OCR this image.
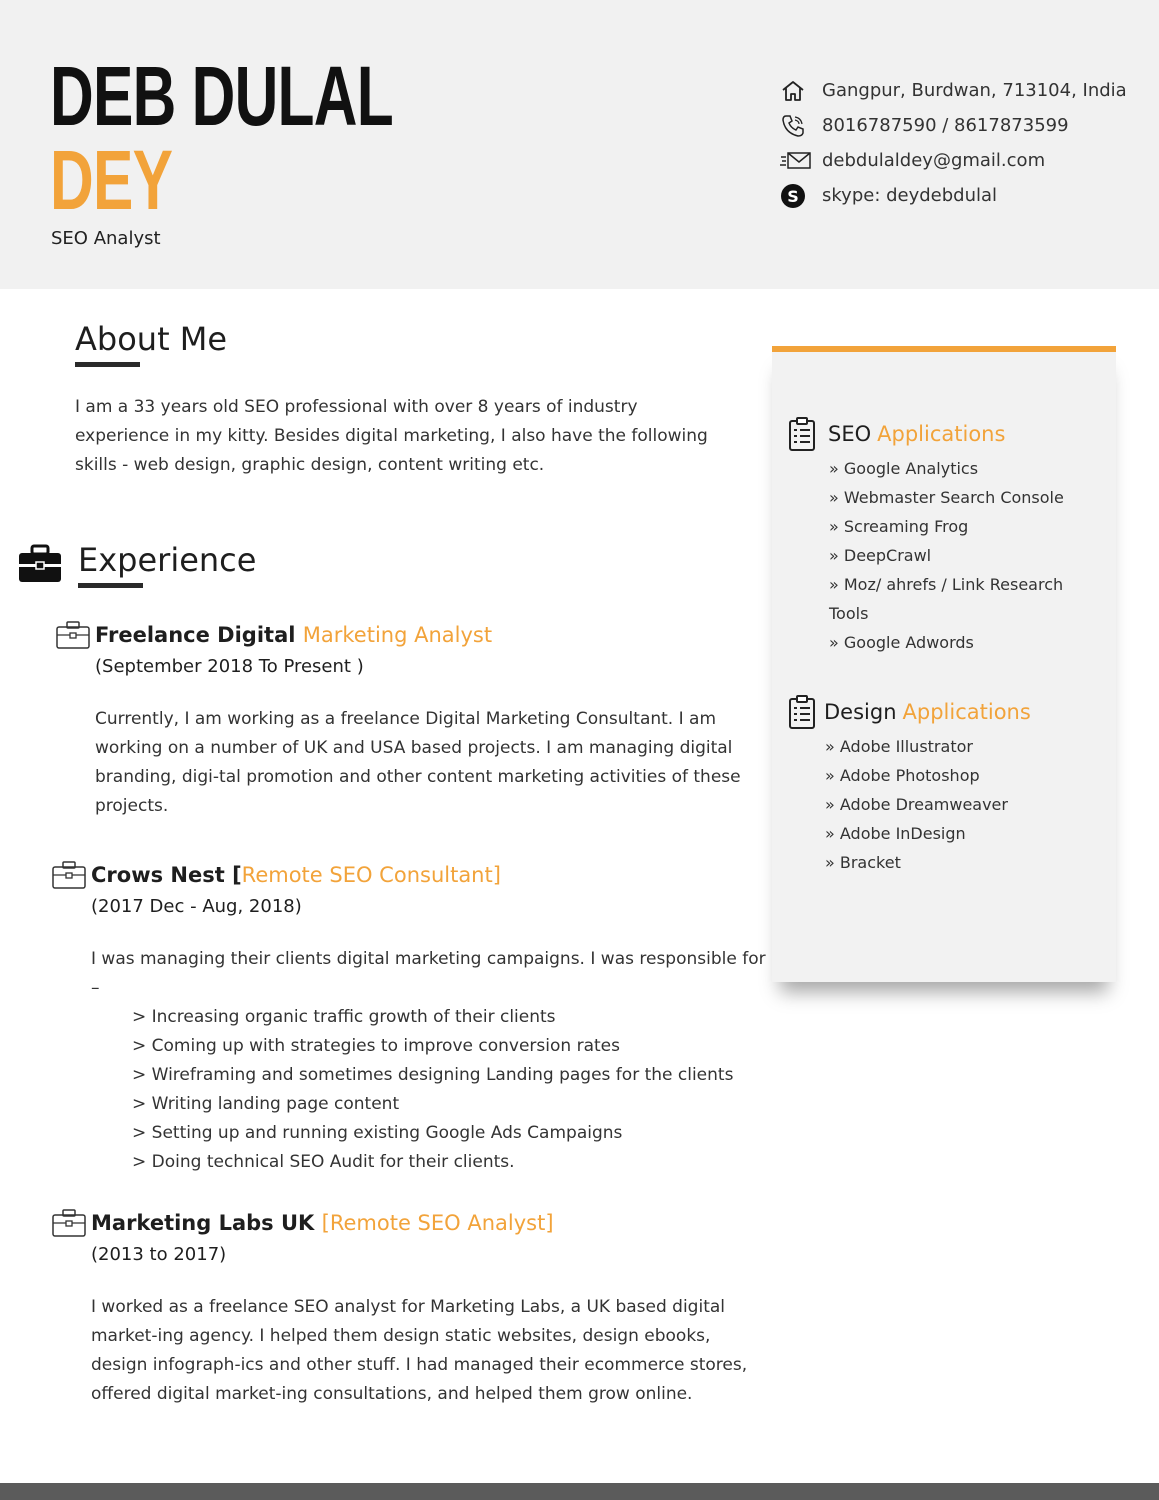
DEB DULAL
DEY
SEO Analyst
Gangpur, Burdwan, 713104, India
8016787590 / 8617873599
debdulaldey@gmail.com
S skype: deydebdulal
About Me
I am a 33 years old SEO professional with over 8 years of industry experience in my kitty. Besides digital marketing, I also have the following skills - web design, graphic design, content writing etc.
Experience
Freelance Digital Marketing Analyst
(September 2018 To Present )
Currently, I am working as a freelance Digital Marketing Consultant. I am working on a number of UK and USA based projects. I am managing digital branding, digi-tal promotion and other content marketing activities of these projects.
Crows Nest [Remote SEO Consultant]
(2017 Dec - Aug, 2018)
I was managing their clients digital marketing campaigns. I was responsible for –
> Increasing organic traffic growth of their clients
> Coming up with strategies to improve conversion rates
> Wireframing and sometimes designing Landing pages for the clients
> Writing landing page content
> Setting up and running existing Google Ads Campaigns
> Doing technical SEO Audit for their clients.
Marketing Labs UK [Remote SEO Analyst]
(2013 to 2017)
I worked as a freelance SEO analyst for Marketing Labs, a UK based digital market-ing agency. I helped them design static websites, design ebooks, design infograph-ics and other stuff. I had managed their ecommerce stores, offered digital market-ing consultations, and helped them grow online.
SEO Applications
» Google Analytics
» Webmaster Search Console
» Screaming Frog
» DeepCrawl
» Moz/ ahrefs / Link Research Tools
» Google Adwords
Design Applications
» Adobe Illustrator
» Adobe Photoshop
» Adobe Dreamweaver
» Adobe InDesign
» Bracket
